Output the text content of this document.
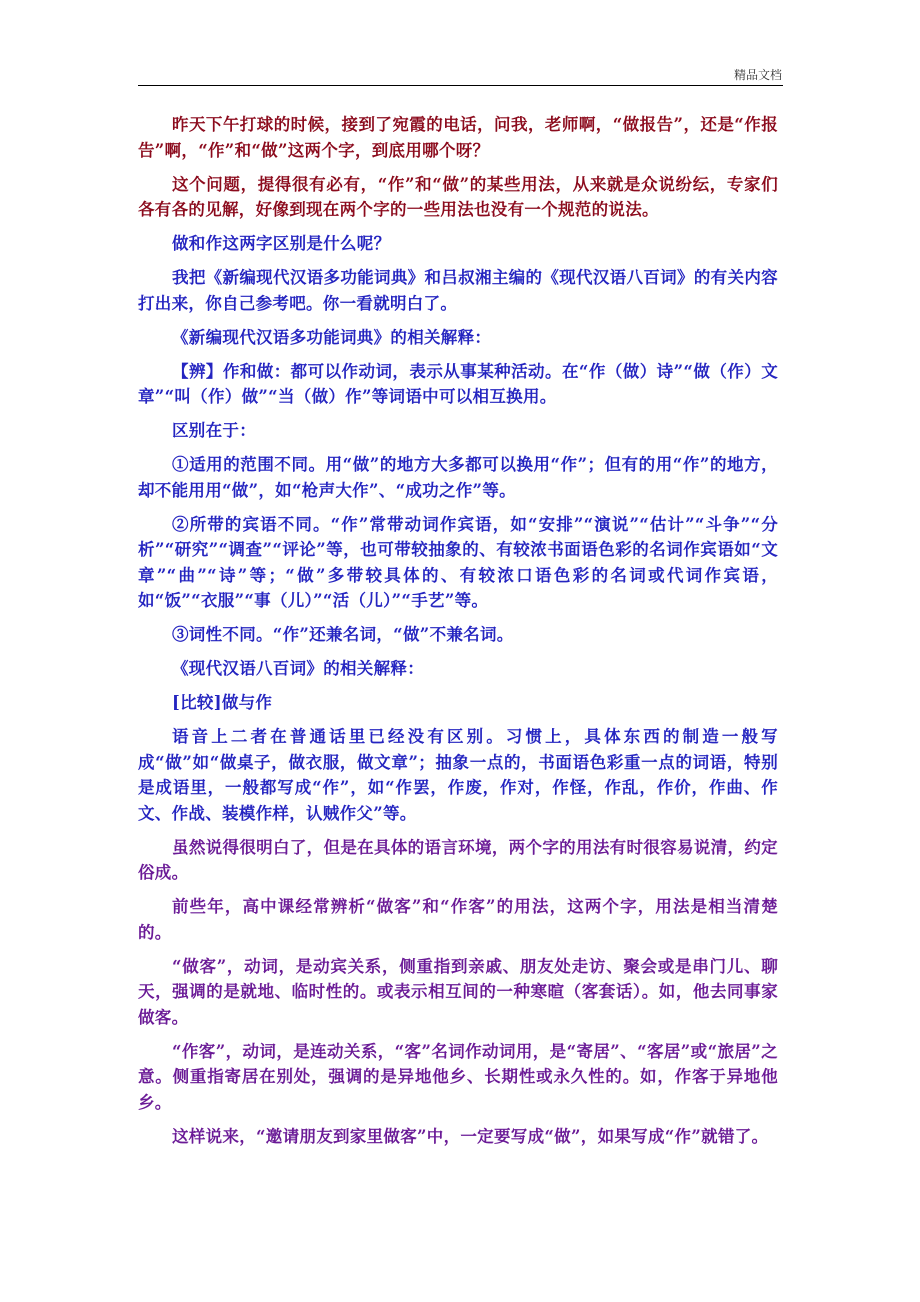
精品文档

昨天下午打球的时候，接到了宛霞的电话，问我，老师啊，“做报告”，还是“作报告”啊，“作”和“做”这两个字，到底用哪个呀？

这个问题，提得很有必有，“作”和“做”的某些用法，从来就是众说纷纭，专家们各有各的见解，好像到现在两个字的一些用法也没有一个规范的说法。

做和作这两字区别是什么呢？

我把《新编现代汉语多功能词典》和吕叔湘主编的《现代汉语八百词》的有关内容打出来，你自己参考吧。你一看就明白了。

《新编现代汉语多功能词典》的相关解释：

【辨】作和做：都可以作动词，表示从事某种活动。在“作（做）诗”“做（作）文章”“叫（作）做”“当（做）作”等词语中可以相互换用。

区别在于：

①适用的范围不同。用“做”的地方大多都可以换用“作”；但有的用“作”的地方，却不能用用“做”，如“枪声大作”、“成功之作”等。

②所带的宾语不同。“作”常带动词作宾语，如“安排”“演说”“估计”“斗争”“分析”“研究”“调查”“评论”等，也可带较抽象的、有较浓书面语色彩的名词作宾语如“文章”“曲”“诗”等；“做”多带较具体的、有较浓口语色彩的名词或代词作宾语，如“饭”“衣服”“事（儿）”“活（儿）”“手艺”等。

③词性不同。“作”还兼名词，“做”不兼名词。

《现代汉语八百词》的相关解释：

[比较]做与作

语音上二者在普通话里已经没有区别。习惯上，具体东西的制造一般写成“做”如“做桌子，做衣服，做文章”；抽象一点的，书面语色彩重一点的词语，特别是成语里，一般都写成“作”，如“作罢，作废，作对，作怪，作乱，作价，作曲、作文、作战、装模作样，认贼作父”等。

虽然说得很明白了，但是在具体的语言环境，两个字的用法有时很容易说清，约定俗成。

前些年，高中课经常辨析“做客”和“作客”的用法，这两个字，用法是相当清楚的。

“做客”，动词，是动宾关系，侧重指到亲戚、朋友处走访、聚会或是串门儿、聊天，强调的是就地、临时性的。或表示相互间的一种寒暄（客套话）。如，他去同事家做客。

“作客”，动词，是连动关系，“客”名词作动词用，是“寄居”、“客居”或“旅居”之意。侧重指寄居在别处，强调的是异地他乡、长期性或永久性的。如，作客于异地他乡。

这样说来，“邀请朋友到家里做客”中，一定要写成“做”，如果写成“作”就错了。
